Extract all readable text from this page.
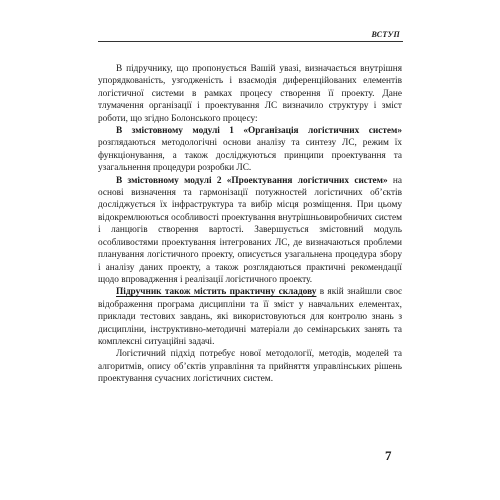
ВСТУП

В підручнику, що пропонується Вашій увазі, визначається внутрішня упорядкованість, узгодженість і взаємодія диференційованих елементів логістичної системи в рамках процесу створення її проекту. Дане тлумачення організації і проектування ЛС визначило структуру і зміст роботи, що згідно Болонського процесу:

В змістовному модулі 1 «Організація логістичних систем» розглядаються методологічні основи аналізу та синтезу ЛС, режим їх функціонування, а також досліджуються принципи проектування та узагальнення процедури розробки ЛС.

В змістовному модулі 2 «Проектування логістичних систем» на основі визначення та гармонізації потужностей логістичних об’єктів досліджується їх інфраструктура та вибір місця розміщення. При цьому відокремлюються особливості проектування внутрішньовиробничих систем і ланцюгів створення вартості. Завершується змістовний модуль особливостями проектування інтегрованих ЛС, де визначаються проблеми планування логістичного проекту, описується узагальнена процедура збору і аналізу даних проекту, а також розглядаються практичні рекомендації щодо впровадження і реалізації логістичного проекту.

Підручник також містить практичну складову в якій знайшли своє відображення програма дисципліни та її зміст у навчальних елементах, приклади тестових завдань, які використовуються для контролю знань з дисципліни, інструктивно-методичні матеріали до семінарських занять та комплексні ситуаційні задачі.

Логістичний підхід потребує нової методології, методів, моделей та алгоритмів, опису об’єктів управління та прийняття управлінських рішень проектування сучасних логістичних систем.

7
